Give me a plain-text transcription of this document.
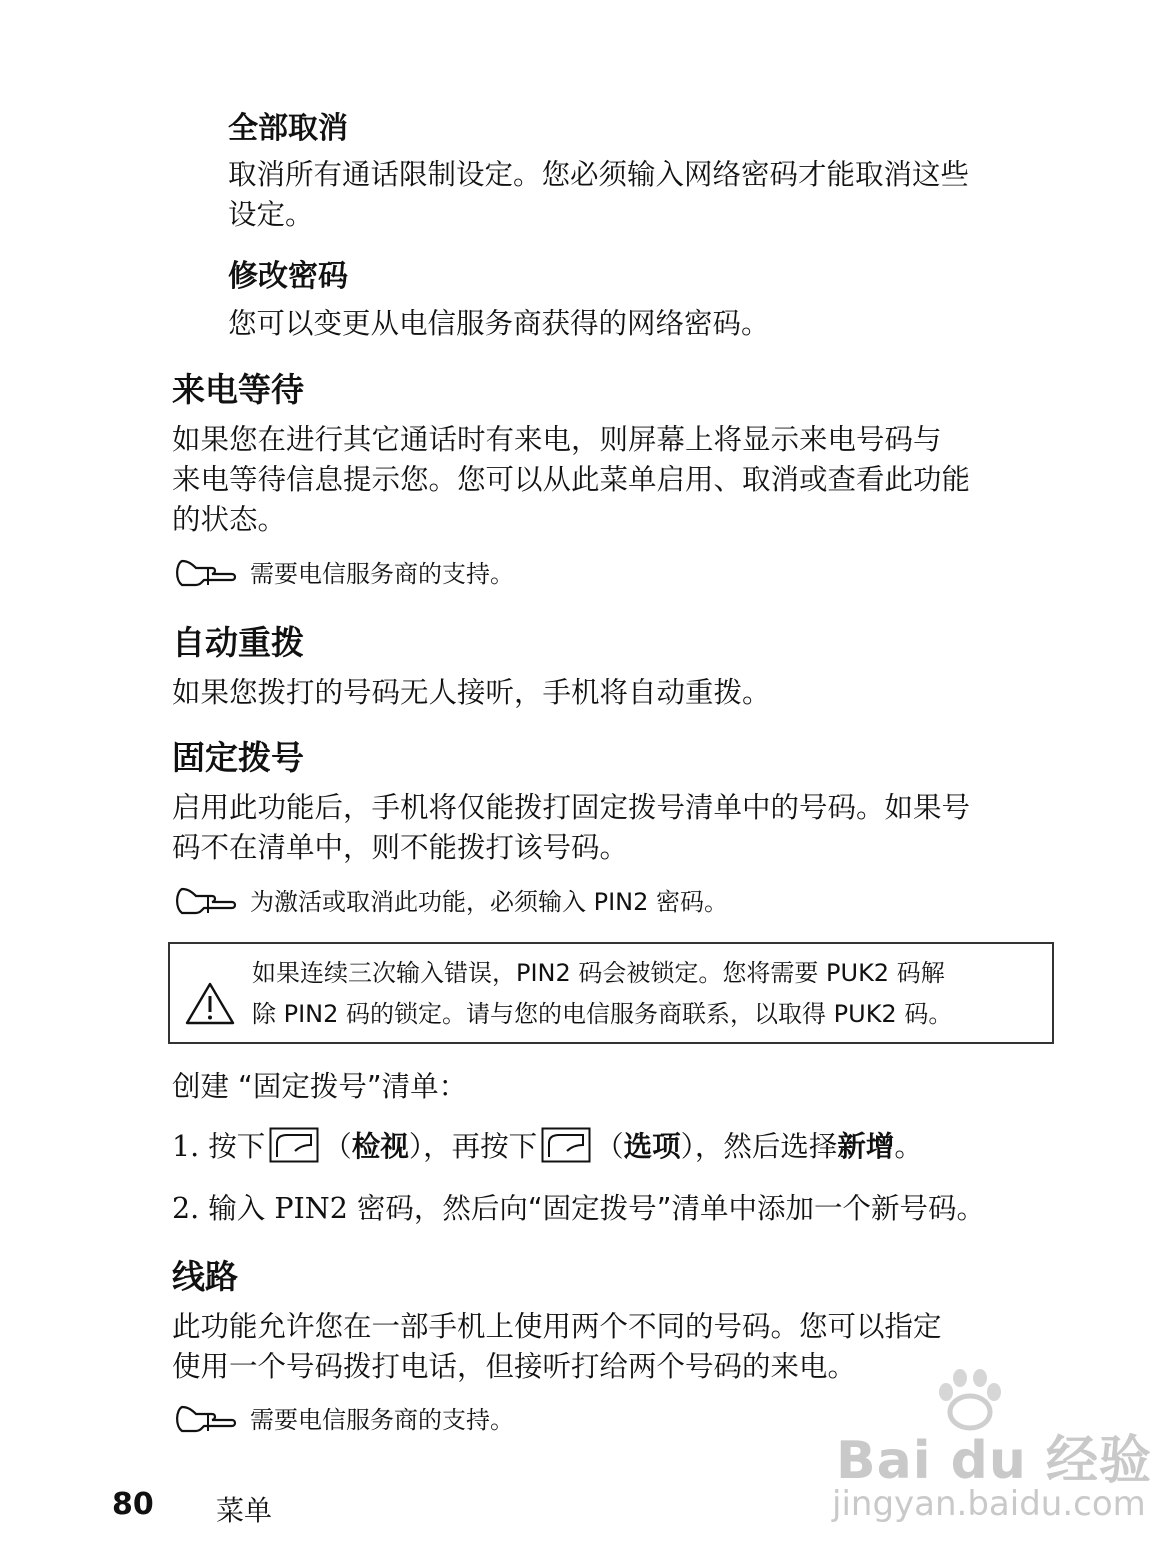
全部取消
取消所有通话限制设定。您必须输入网络密码才能取消这些
设定。
修改密码
您可以变更从电信服务商获得的网络密码。
来电等待
如果您在进行其它通话时有来电，则屏幕上将显示来电号码与
来电等待信息提示您。您可以从此菜单启用、取消或查看此功能
的状态。
需要电信服务商的支持。
自动重拨
如果您拨打的号码无人接听，手机将自动重拨。
固定拨号
启用此功能后，手机将仅能拨打固定拨号清单中的号码。如果号
码不在清单中，则不能拨打该号码。
为激活或取消此功能，必须输入 PIN2 密码。
如果连续三次输入错误，PIN2 码会被锁定。您将需要 PUK2 码解
除 PIN2 码的锁定。请与您的电信服务商联系，以取得 PUK2 码。
创建 “固定拨号”清单：
1. 按下 （检视），再按下 （选项），然后选择新增。
2. 输入 PIN2 密码，然后向“固定拨号”清单中添加一个新号码。
线路
此功能允许您在一部手机上使用两个不同的号码。您可以指定
使用一个号码拨打电话，但接听打给两个号码的来电。
需要电信服务商的支持。
80 菜单
Bai du 经验
jingyan.baidu.com
